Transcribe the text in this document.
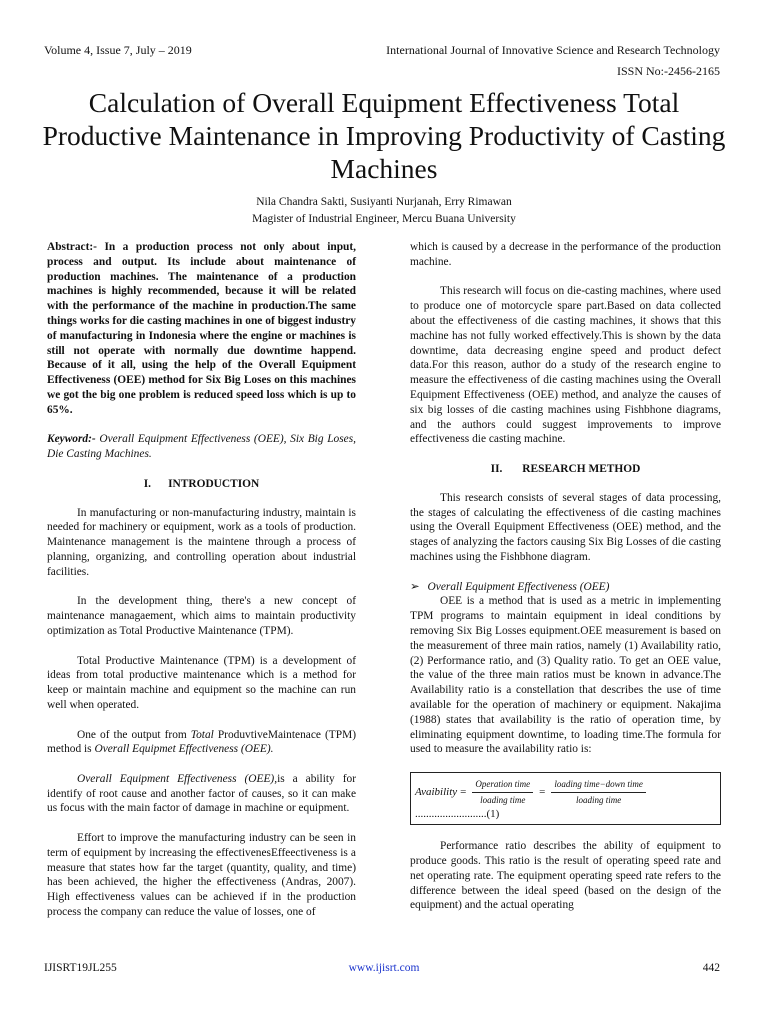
Volume 4, Issue 7, July – 2019	International Journal of Innovative Science and Research Technology
ISSN No:-2456-2165
Calculation of Overall Equipment Effectiveness Total Productive Maintenance in Improving Productivity of Casting Machines
Nila Chandra Sakti, Susiyanti Nurjanah, Erry Rimawan
Magister of Industrial Engineer, Mercu Buana University

Abstract:- In a production process not only about input, process and output. Its include about maintenance of production machines. The maintenance of a production machines is highly recommended, because it will be related with the performance of the machine in production.The same things works for die casting machines in one of biggest industry of manufacturing in Indonesia where the engine or machines is still not operate with normally due downtime happend. Because of it all, using the help of the Overall Equipment Effectiveness (OEE) method for Six Big Loses on this machines we got the big one problem is reduced speed loss which is up to 65%.

Keyword:- Overall Equipment Effectiveness (OEE), Six Big Loses, Die Casting Machines.

I.      INTRODUCTION

In manufacturing or non-manufacturing industry, maintain is needed for machinery or equipment, work as a tools of production. Maintenance management is the maintene through a process of planning, organizing, and controlling operation about industrial facilities.

In the development thing, there's a new concept of maintenance managaement, which aims to maintain productivity optimization as Total Productive Maintenance (TPM).

Total Productive Maintenance (TPM) is a development of ideas from total productive maintenance which is a method for keep or maintain machine and equipment so the machine can run well when operated.

One of the output from Total ProduvtiveMaintenace (TPM) method is Overall Equipmet Effectiveness (OEE).

Overall Equipment Effectiveness (OEE),is a ability for identify of root cause and another factor of causes, so it can make us focus with the main factor of damage in machine or equipment.

Effort to improve the manufacturing industry can be seen in term of equipment by increasing the effectivenesEffeectiveness is a measure that states how far the target (quantity, quality, and time) has been achieved, the higher the effectiveness (Andras, 2007). High effectiveness values can be achieved if in the production process the company can reduce the value of losses, one of

which is caused by a decrease in the performance of the production machine.

This research will focus on die-casting machines, where used to produce one of motorcycle spare part.Based on data collected about the effectiveness of die casting machines, it shows that this machine has not fully worked effectively.This is shown by the data downtime, data decreasing engine speed and product defect data.For this reason, author do a study of the research engine to measure the effectiveness of die casting machines using the Overall Equipment Effectiveness (OEE) method, and analyze the causes of six big losses of die casting machines using Fishbhone diagrams, and the authors could suggest improvements to improve effectiveness die casting machine.

II.       RESEARCH METHOD

This research consists of several stages of data processing, the stages of calculating the effectiveness of die casting machines using the Overall Equipment Effectiveness (OEE) method, and the stages of analyzing the factors causing Six Big Losses of die casting machines using the Fishbhone diagram.

➢ Overall Equipment Effectiveness (OEE)

OEE is a method that is used as a metric in implementing TPM programs to maintain equipment in ideal conditions by removing Six Big Losses equipment.OEE measurement is based on the measurement of three main ratios, namely (1) Availability ratio, (2) Performance ratio, and (3) Quality ratio. To get an OEE value, the value of the three main ratios must be known in advance.The Availability ratio is a constellation that describes the use of time available for the operation of machinery or equipment. Nakajima (1988) states that availability is the ratio of operation time, by eliminating equipment downtime, to loading time.The formula for used to measure the availability ratio is:

Avaibility = $\frac{\text{Operation time}}{\text{loading time}} = \frac{\text{loading time−down time}}{\text{loading time}}$
..........................(1)

Performance ratio describes the ability of equipment to produce goods. This ratio is the result of operating speed rate and net operating rate. The equipment operating speed rate refers to the difference between the ideal speed (based on the design of the equipment) and the actual operating

IJISRT19JL255	www.ijisrt.com	442
